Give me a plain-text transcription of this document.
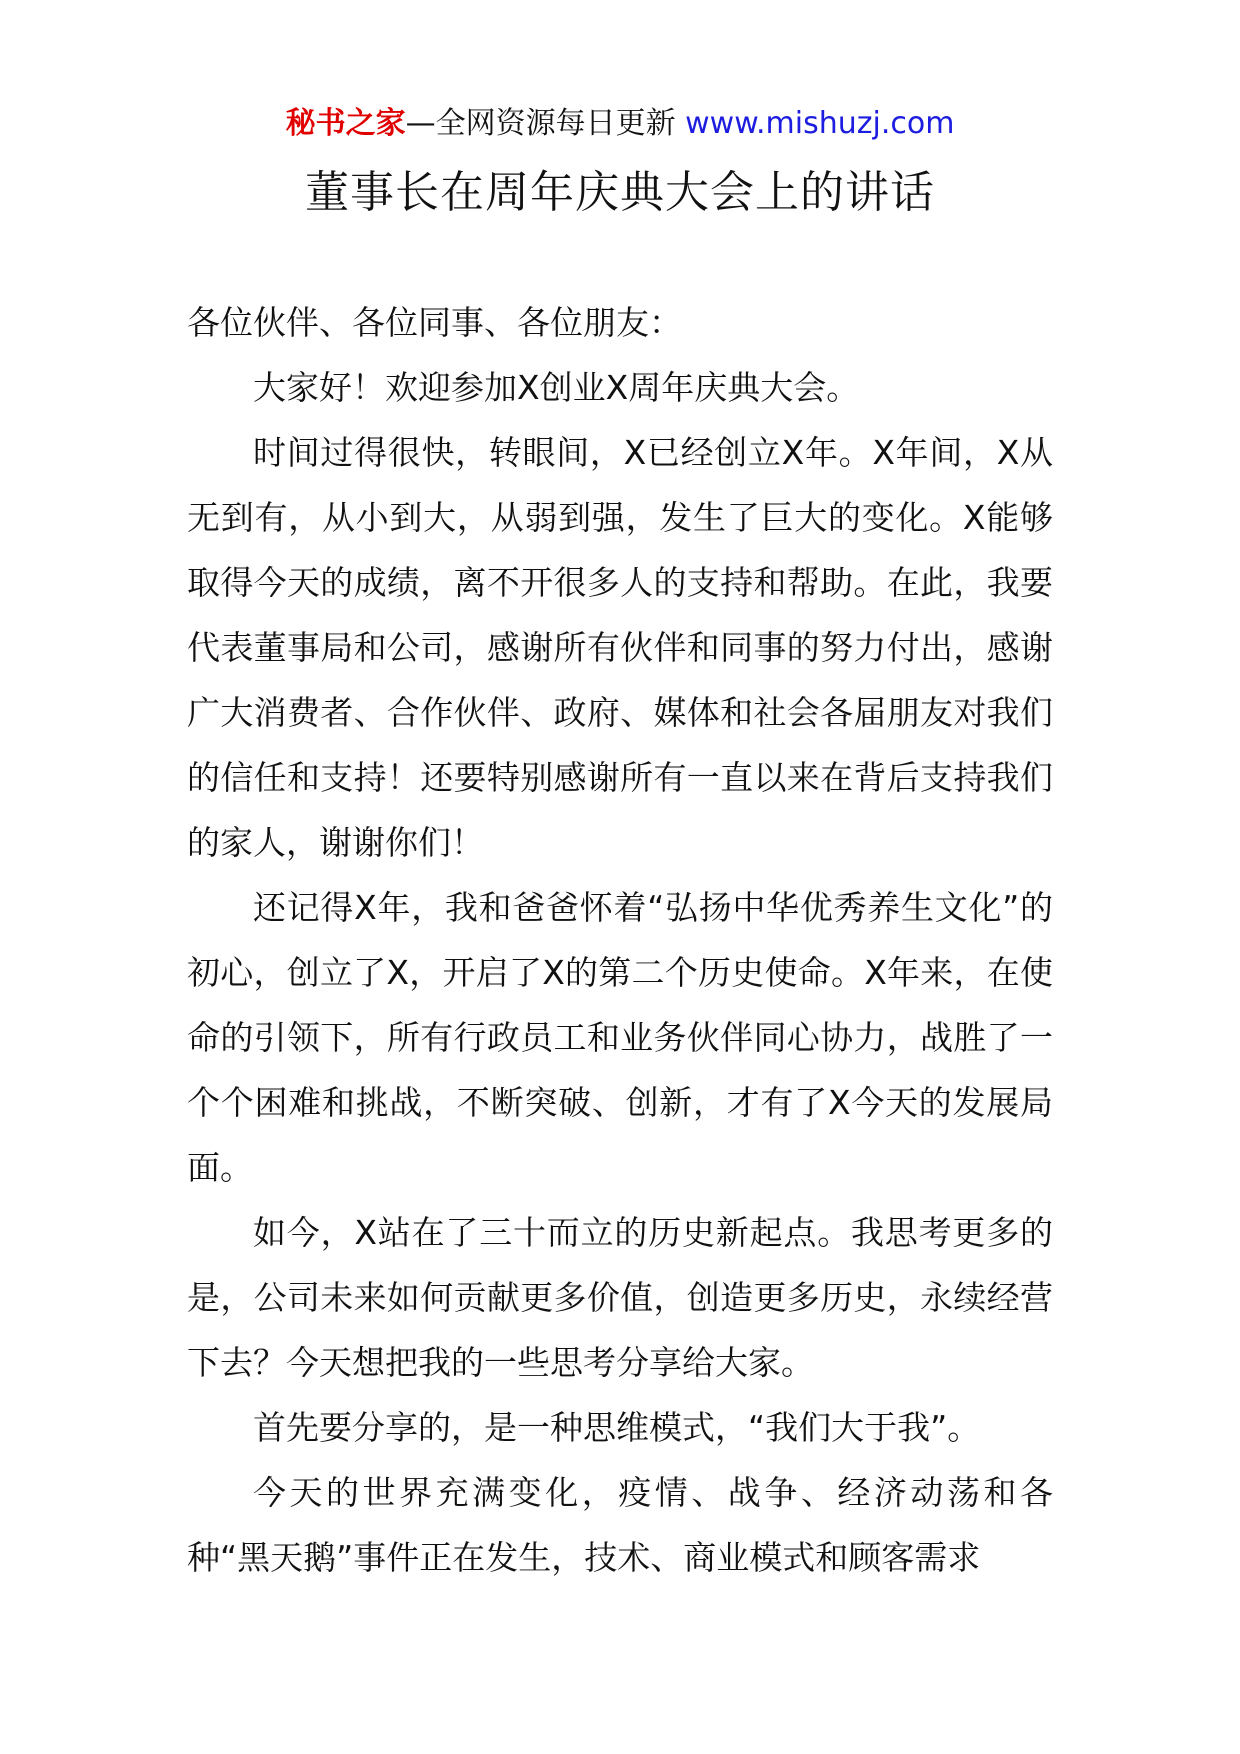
秘书之家—全网资源每日更新 www.mishuzj.com
董事长在周年庆典大会上的讲话

各位伙伴、各位同事、各位朋友：

大家好！欢迎参加X创业X周年庆典大会。

时间过得很快，转眼间，X已经创立X年。X年间，X从无到有，从小到大，从弱到强，发生了巨大的变化。X能够取得今天的成绩，离不开很多人的支持和帮助。在此，我要代表董事局和公司，感谢所有伙伴和同事的努力付出，感谢广大消费者、合作伙伴、政府、媒体和社会各届朋友对我们的信任和支持！还要特别感谢所有一直以来在背后支持我们的家人，谢谢你们！

还记得X年，我和爸爸怀着“弘扬中华优秀养生文化”的初心，创立了X，开启了X的第二个历史使命。X年来，在使命的引领下，所有行政员工和业务伙伴同心协力，战胜了一个个困难和挑战，不断突破、创新，才有了X今天的发展局面。

如今，X站在了三十而立的历史新起点。我思考更多的是，公司未来如何贡献更多价值，创造更多历史，永续经营下去？今天想把我的一些思考分享给大家。

首先要分享的，是一种思维模式，“我们大于我”。

今天的世界充满变化，疫情、战争、经济动荡和各种“黑天鹅”事件正在发生，技术、商业模式和顾客需求
